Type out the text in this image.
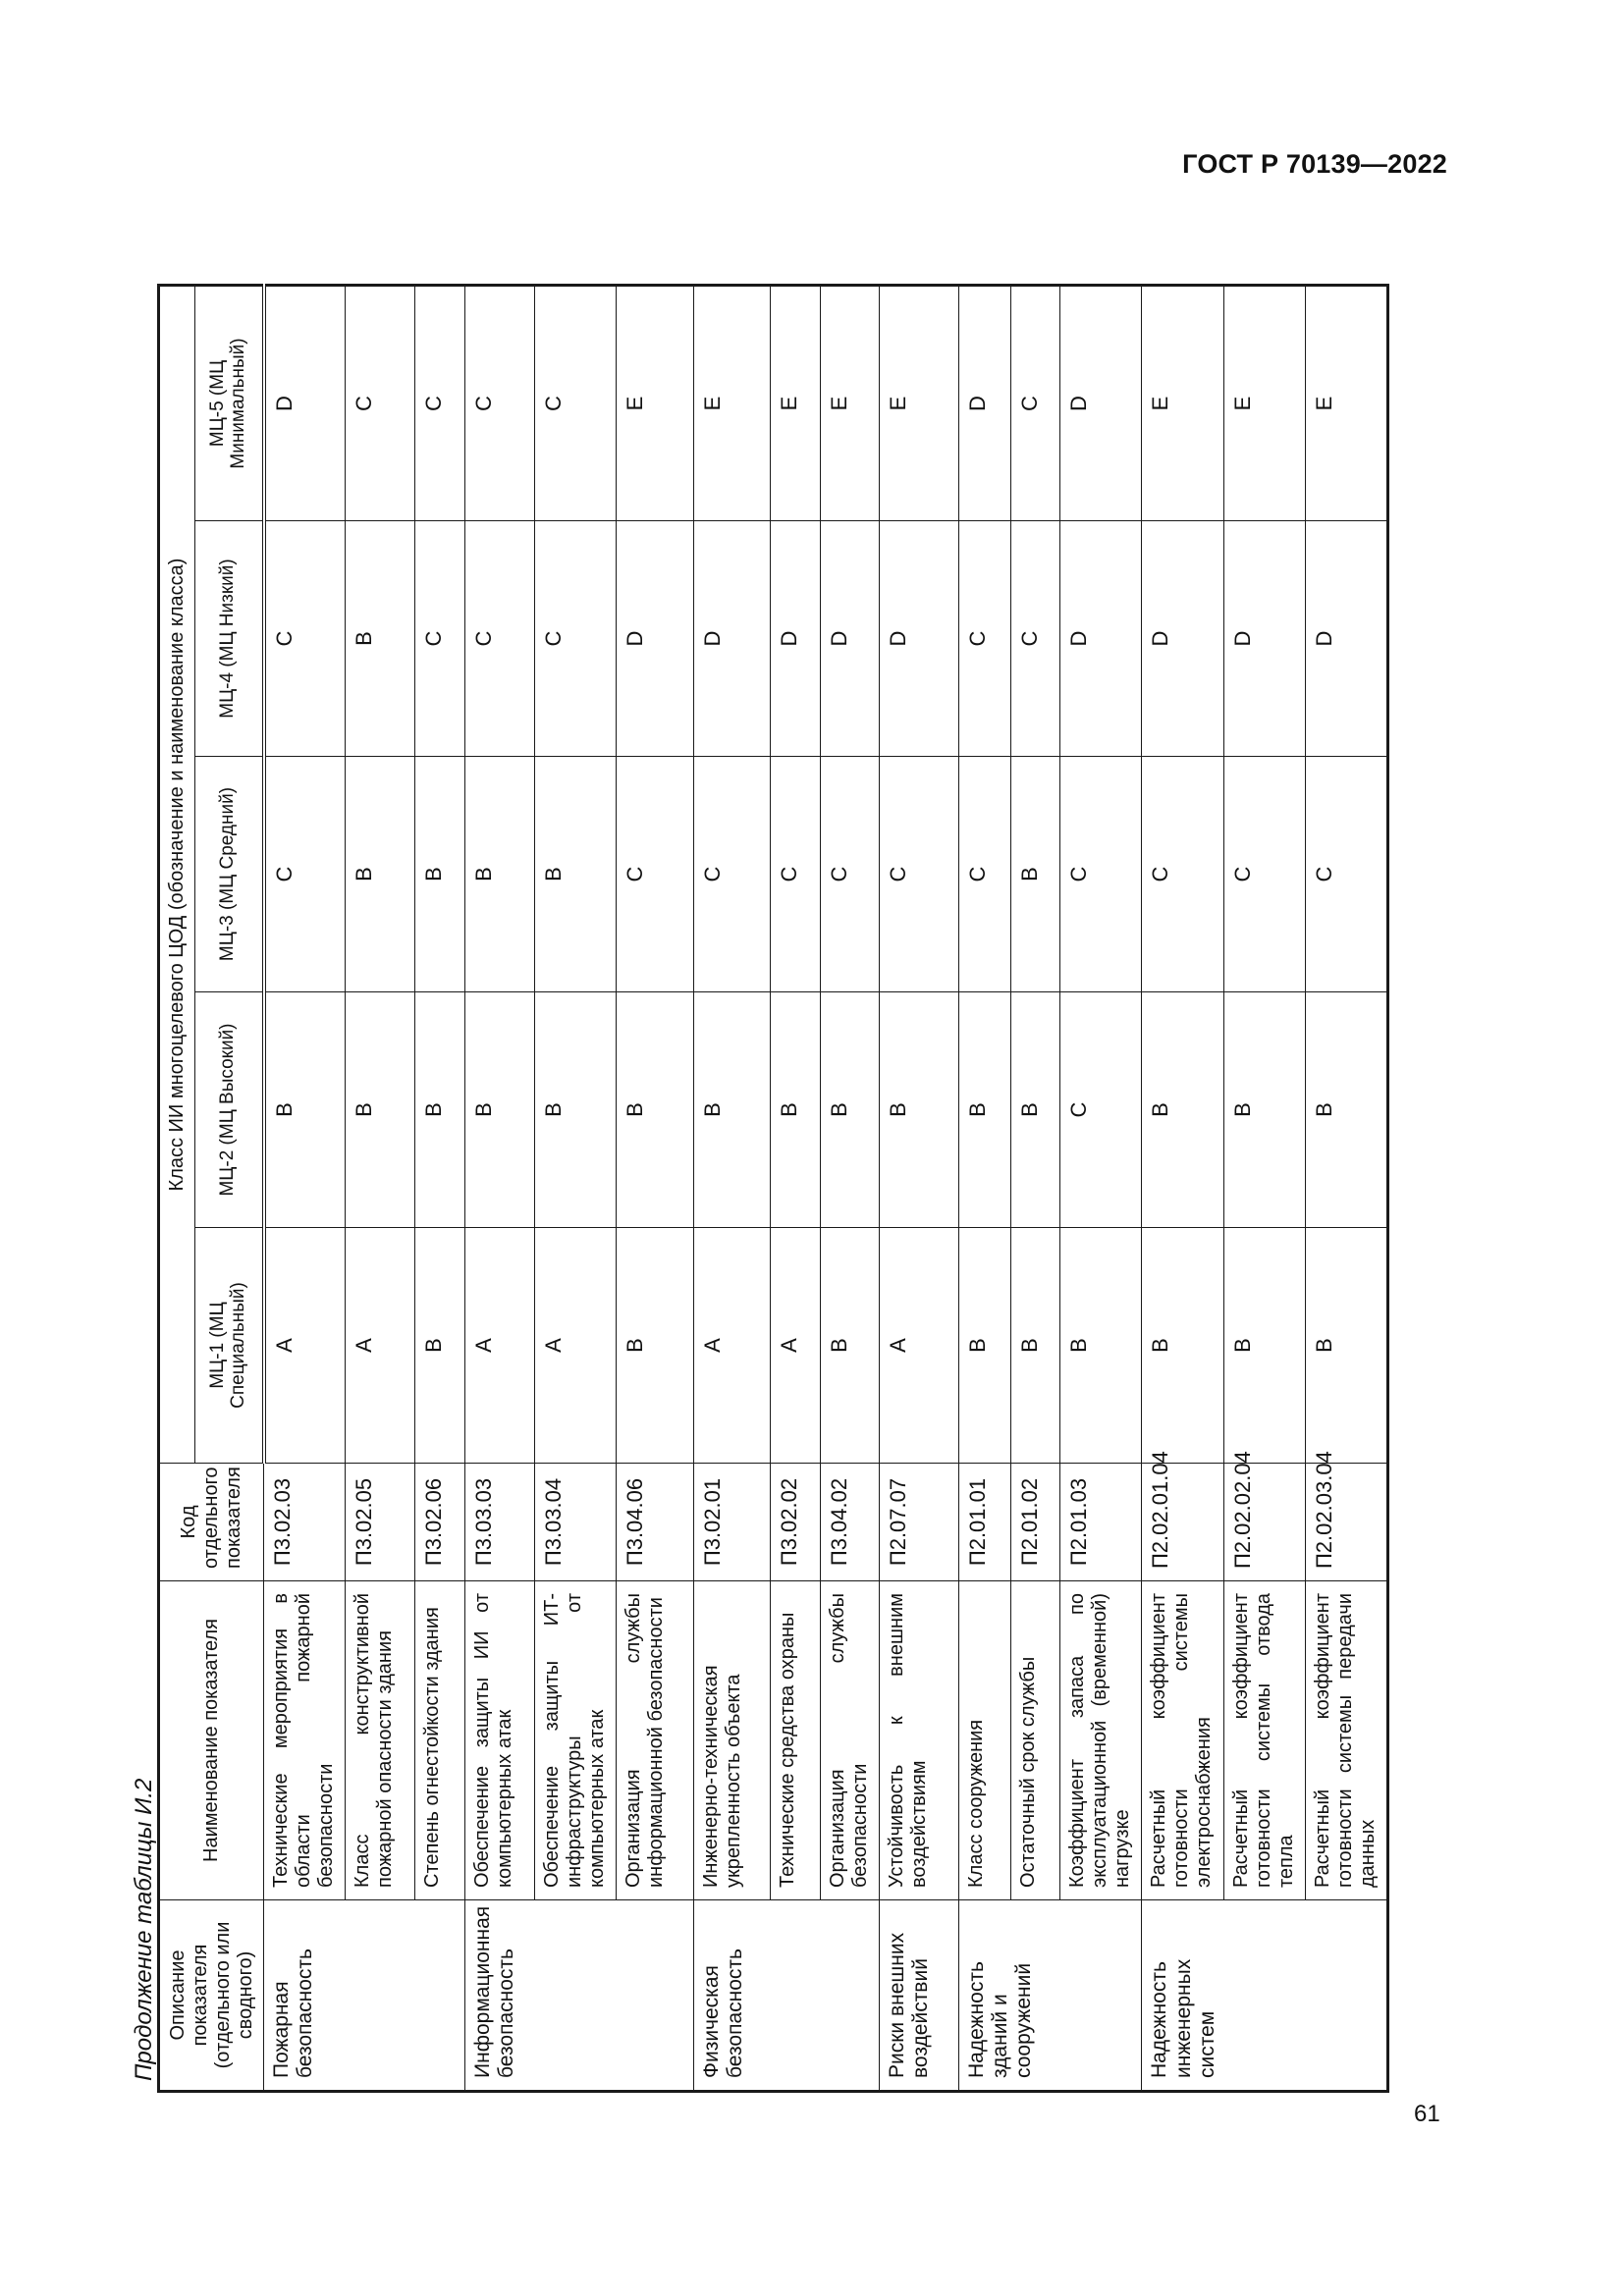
ГОСТ Р 70139—2022
Продолжение таблицы И.2
61
Описание показателя (отдельного или сводного)	Наименование показателя	Код отдельного показателя	Класс ИИ многоцелевого ЦОД (обозначение и наименование класса)				
			МЦ-1 (МЦ Специальный)	МЦ-2 (МЦ Высокий)	МЦ-3 (МЦ Средний)	МЦ-4 (МЦ Низкий)	МЦ-5 (МЦ Минимальный)
Пожарная безопасность	Технические мероприятия в области пожарной безопасности	П3.02.03	A	B	C	C	D
	Класс конструктивной пожарной опасности здания	П3.02.05	A	B	B	B	C
	Степень огнестойкости здания	П3.02.06	B	B	B	C	C
Информационная безопасность	Обеспечение защиты ИИ от компьютерных атак	П3.03.03	A	B	B	C	C
	Обеспечение защиты ИТ-инфраструктуры от компьютерных атак	П3.03.04	A	B	B	C	C
	Организация службы информационной безопасности	П3.04.06	B	B	C	D	E
Физическая безопасность	Инженерно-техническая укрепленность объекта	П3.02.01	A	B	C	D	E
	Технические средства охраны	П3.02.02	A	B	C	D	E
	Организация службы безопасности	П3.04.02	B	B	C	D	E
Риски внешних воздействий	Устойчивость к внешним воздействиям	П2.07.07	A	B	C	D	E
Надежность зданий и сооружений	Класс сооружения	П2.01.01	B	B	C	C	D
	Остаточный срок службы	П2.01.02	B	B	B	C	C
	Коэффициент запаса по эксплуатационной (временной) нагрузке	П2.01.03	B	C	C	D	D
Надежность инженерных систем	Расчетный коэффициент готовности системы электроснабжения	П2.02.01.04	B	B	C	D	E
	Расчетный коэффициент готовности системы отвода тепла	П2.02.02.04	B	B	C	D	E
	Расчетный коэффициент готовности системы передачи данных	П2.02.03.04	B	B	C	D	E
